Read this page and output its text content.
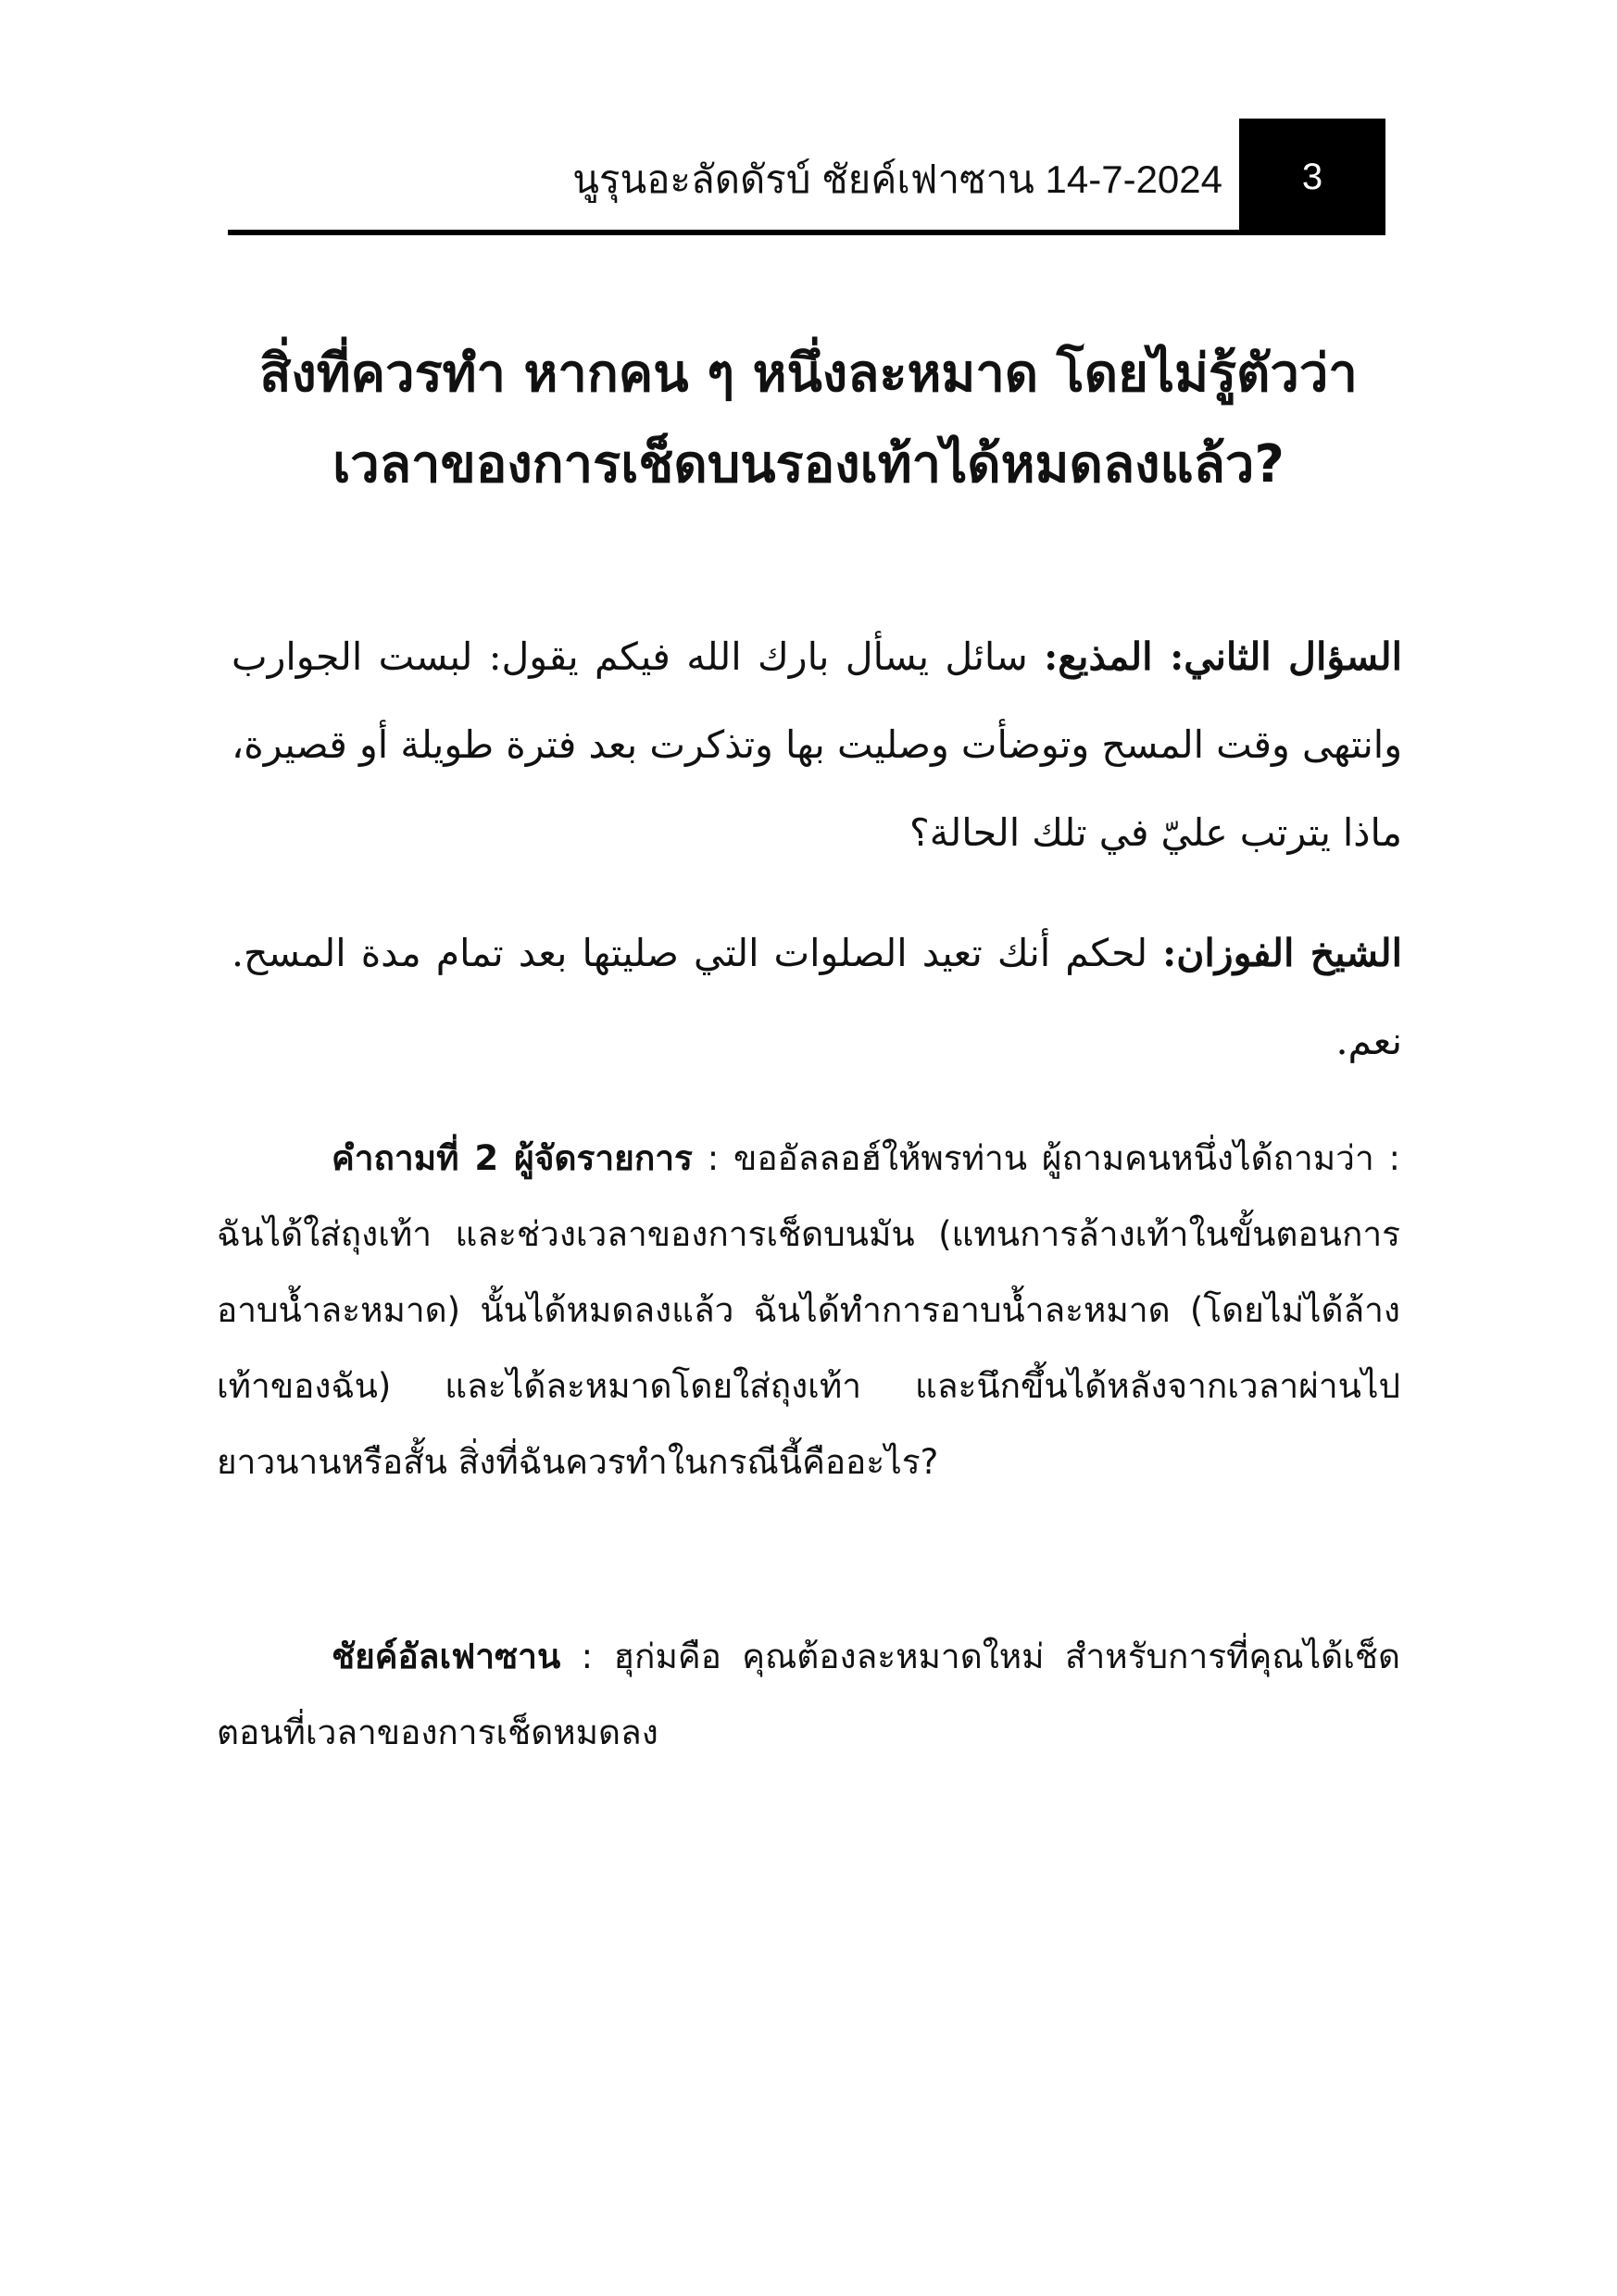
นูรุนอะลัดดัรบ์ ชัยค์เฟาซาน 14-7-2024	3
สิ่งที่ควรทำ หากคน ๆ หนึ่งละหมาด โดยไม่รู้ตัวว่า
เวลาของการเช็ดบนรองเท้าได้หมดลงแล้ว?

السؤال الثاني: المذيع: سائل يسأل بارك الله فيكم يقول: لبست الجوارب وانتهى وقت المسح وتوضأت وصليت بها وتذكرت بعد فترة طويلة أو قصيرة، ماذا يترتب عليّ في تلك الحالة؟

الشيخ الفوزان: لحكم أنك تعيد الصلوات التي صليتها بعد تمام مدة المسح. نعم.

คำถามที่ 2 ผู้จัดรายการ : ขออัลลอฮ์ให้พรท่าน ผู้ถามคนหนึ่งได้ถามว่า : ฉันได้ใส่ถุงเท้า และช่วงเวลาของการเช็ดบนมัน (แทนการล้างเท้าในขั้นตอนการอาบน้ำละหมาด) นั้นได้หมดลงแล้ว ฉันได้ทำการอาบน้ำละหมาด (โดยไม่ได้ล้างเท้าของฉัน) และได้ละหมาดโดยใส่ถุงเท้า และนึกขึ้นได้หลังจากเวลาผ่านไปยาวนานหรือสั้น สิ่งที่ฉันควรทำในกรณีนี้คืออะไร?

ชัยค์อัลเฟาซาน : ฮุก่มคือ คุณต้องละหมาดใหม่ สำหรับการที่คุณได้เช็ดตอนที่เวลาของการเช็ดหมดลง
